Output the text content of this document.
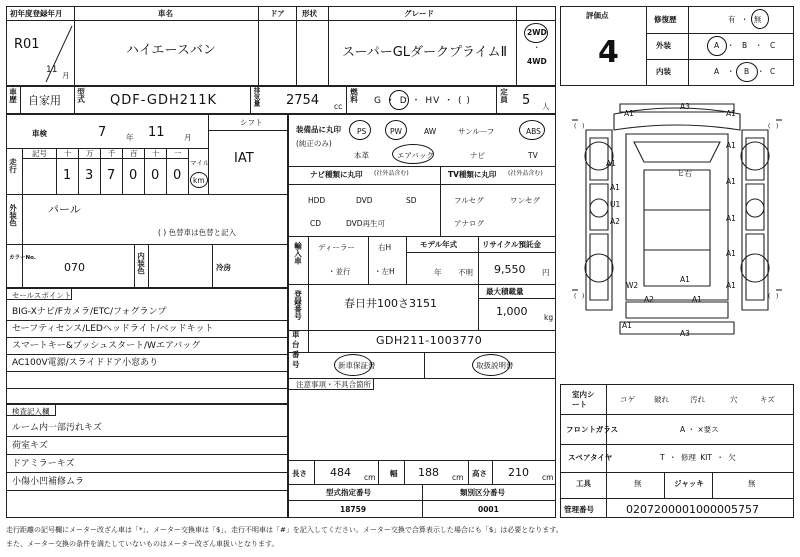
初年度登録年月	車名	ドア 形状	グレード
R01
11
月
ハイエースバン	スーパーGLダークプライムⅡ
2WD
・
4WD
車歴 自家用 型式 QDF-GDH211K	排気量 2754 cc
燃料 G ・ D ・ HV ・ ( )	定員 5 人
車検	7	年 11	月
シフト
IAT
走行
記号 十 万 千 百 十 一
1 3 7 0 0 0
マイル
km
外装色	パール
( ) 色替車は色替と記入
カラーNo.
070	内装色	冷房
セールスポイント
BIG-Xナビ/Fカメラ/ETC/フォグランプ
セーフティセンス/LEDヘッドライト/ベッドキット
スマートキー&プッシュスタート/Wエアバッグ
AC100V電源/スライドドア小窓あり
検査記入欄
ルーム内一部汚れキズ
荷室キズ
ドアミラーキズ
小傷小凹補修ムラ
装備品に丸印
(純正のみ)
PS	PW	AW	サンルーフ	ABS
本革	エアバック	ナビ	TV
ナビ種類に丸印 (社外品含む)	TV種類に丸印 (社外品含む)
HDD	DVD	SD
CD	DVD再生可
フルセグ	ワンセグ
アナログ
輸入車 ディーラー
・並行
右H
・左H
モデル年式
年 不明
リサイクル預託金
9,550 円
登録番号	春日井100さ3151
最大積載量
1,000 kg
車台番号
GDH211-1003770
新車保証書	取扱説明書
注意事項・不具合箇所
長さ 484 cm 幅 188 cm 高さ 210 cm
型式指定番号
18759
類別区分番号
0001
評価点
4
修復歴	有 ・ 無
外装	A	B	C
・	・
内装	A	B	C
・	・
( )	( )
( )	( )
A3
A1	A1
A1
A1
A1
A1
U1
A2	A1
W2
A2
A1
A1
A1
A1
A1
A3
ヒ右
室内シート
コゲ	破れ	汚れ	穴	キズ
フロントガラス	A ・ ×要ス
スペアタイヤ	T ・ 修理 KIT ・ 欠
工具	無	ジャッキ	無
管理番号	0207200001000005757
走行距離の記号欄にメーター改ざん車は「*」、メーター交換車は「$」、走行不明車は「#」を記入してください。メーター交換で合算表示した場合にも「$」は必要となります。
また、メーター交換の条件を満たしていないものはメーター改ざん車扱いとなります。
